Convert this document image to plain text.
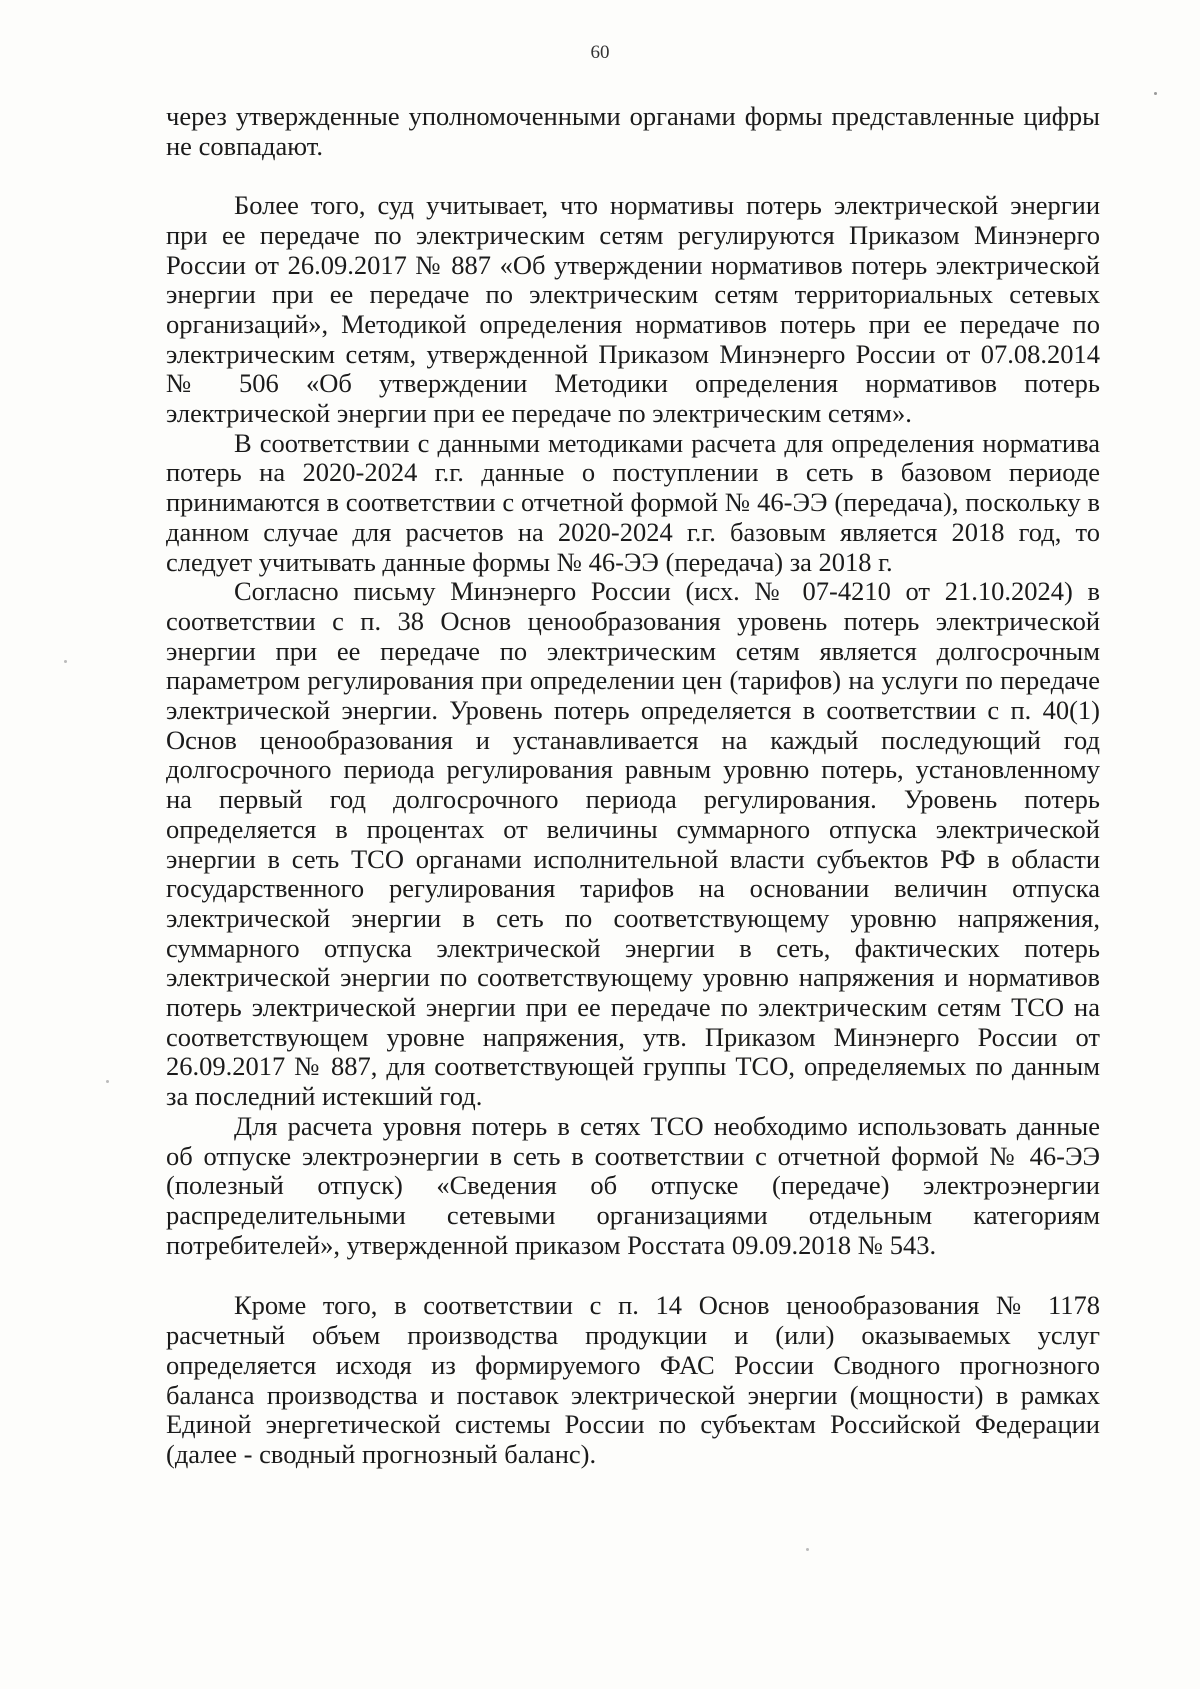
60

через утвержденные уполномоченными органами формы представленные цифры не совпадают.

Более того, суд учитывает, что нормативы потерь электрической энергии при ее передаче по электрическим сетям регулируются Приказом Минэнерго России от 26.09.2017 № 887 «Об утверждении нормативов потерь электрической энергии при ее передаче по электрическим сетям территориальных сетевых организаций», Методикой определения нормативов потерь при ее передаче по электрическим сетям, утвержденной Приказом Минэнерго России от 07.08.2014 № 506 «Об утверждении Методики определения нормативов потерь электрической энергии при ее передаче по электрическим сетям».

В соответствии с данными методиками расчета для определения норматива потерь на 2020-2024 г.г. данные о поступлении в сеть в базовом периоде принимаются в соответствии с отчетной формой № 46-ЭЭ (передача), поскольку в данном случае для расчетов на 2020-2024 г.г. базовым является 2018 год, то следует учитывать данные формы № 46-ЭЭ (передача) за 2018 г.

Согласно письму Минэнерго России (исх. № 07-4210 от 21.10.2024) в соответствии с п. 38 Основ ценообразования уровень потерь электрической энергии при ее передаче по электрическим сетям является долгосрочным параметром регулирования при определении цен (тарифов) на услуги по передаче электрической энергии. Уровень потерь определяется в соответствии с п. 40(1) Основ ценообразования и устанавливается на каждый последующий год долгосрочного периода регулирования равным уровню потерь, установленному на первый год долгосрочного периода регулирования. Уровень потерь определяется в процентах от величины суммарного отпуска электрической энергии в сеть ТСО органами исполнительной власти субъектов РФ в области государственного регулирования тарифов на основании величин отпуска электрической энергии в сеть по соответствующему уровню напряжения, суммарного отпуска электрической энергии в сеть, фактических потерь электрической энергии по соответствующему уровню напряжения и нормативов потерь электрической энергии при ее передаче по электрическим сетям ТСО на соответствующем уровне напряжения, утв. Приказом Минэнерго России от 26.09.2017 № 887, для соответствующей группы ТСО, определяемых по данным за последний истекший год.

Для расчета уровня потерь в сетях ТСО необходимо использовать данные об отпуске электроэнергии в сеть в соответствии с отчетной формой № 46-ЭЭ (полезный отпуск) «Сведения об отпуске (передаче) электроэнергии распределительными сетевыми организациями отдельным категориям потребителей», утвержденной приказом Росстата 09.09.2018 № 543.

Кроме того, в соответствии с п. 14 Основ ценообразования № 1178 расчетный объем производства продукции и (или) оказываемых услуг определяется исходя из формируемого ФАС России Сводного прогнозного баланса производства и поставок электрической энергии (мощности) в рамках Единой энергетической системы России по субъектам Российской Федерации (далее - сводный прогнозный баланс).
